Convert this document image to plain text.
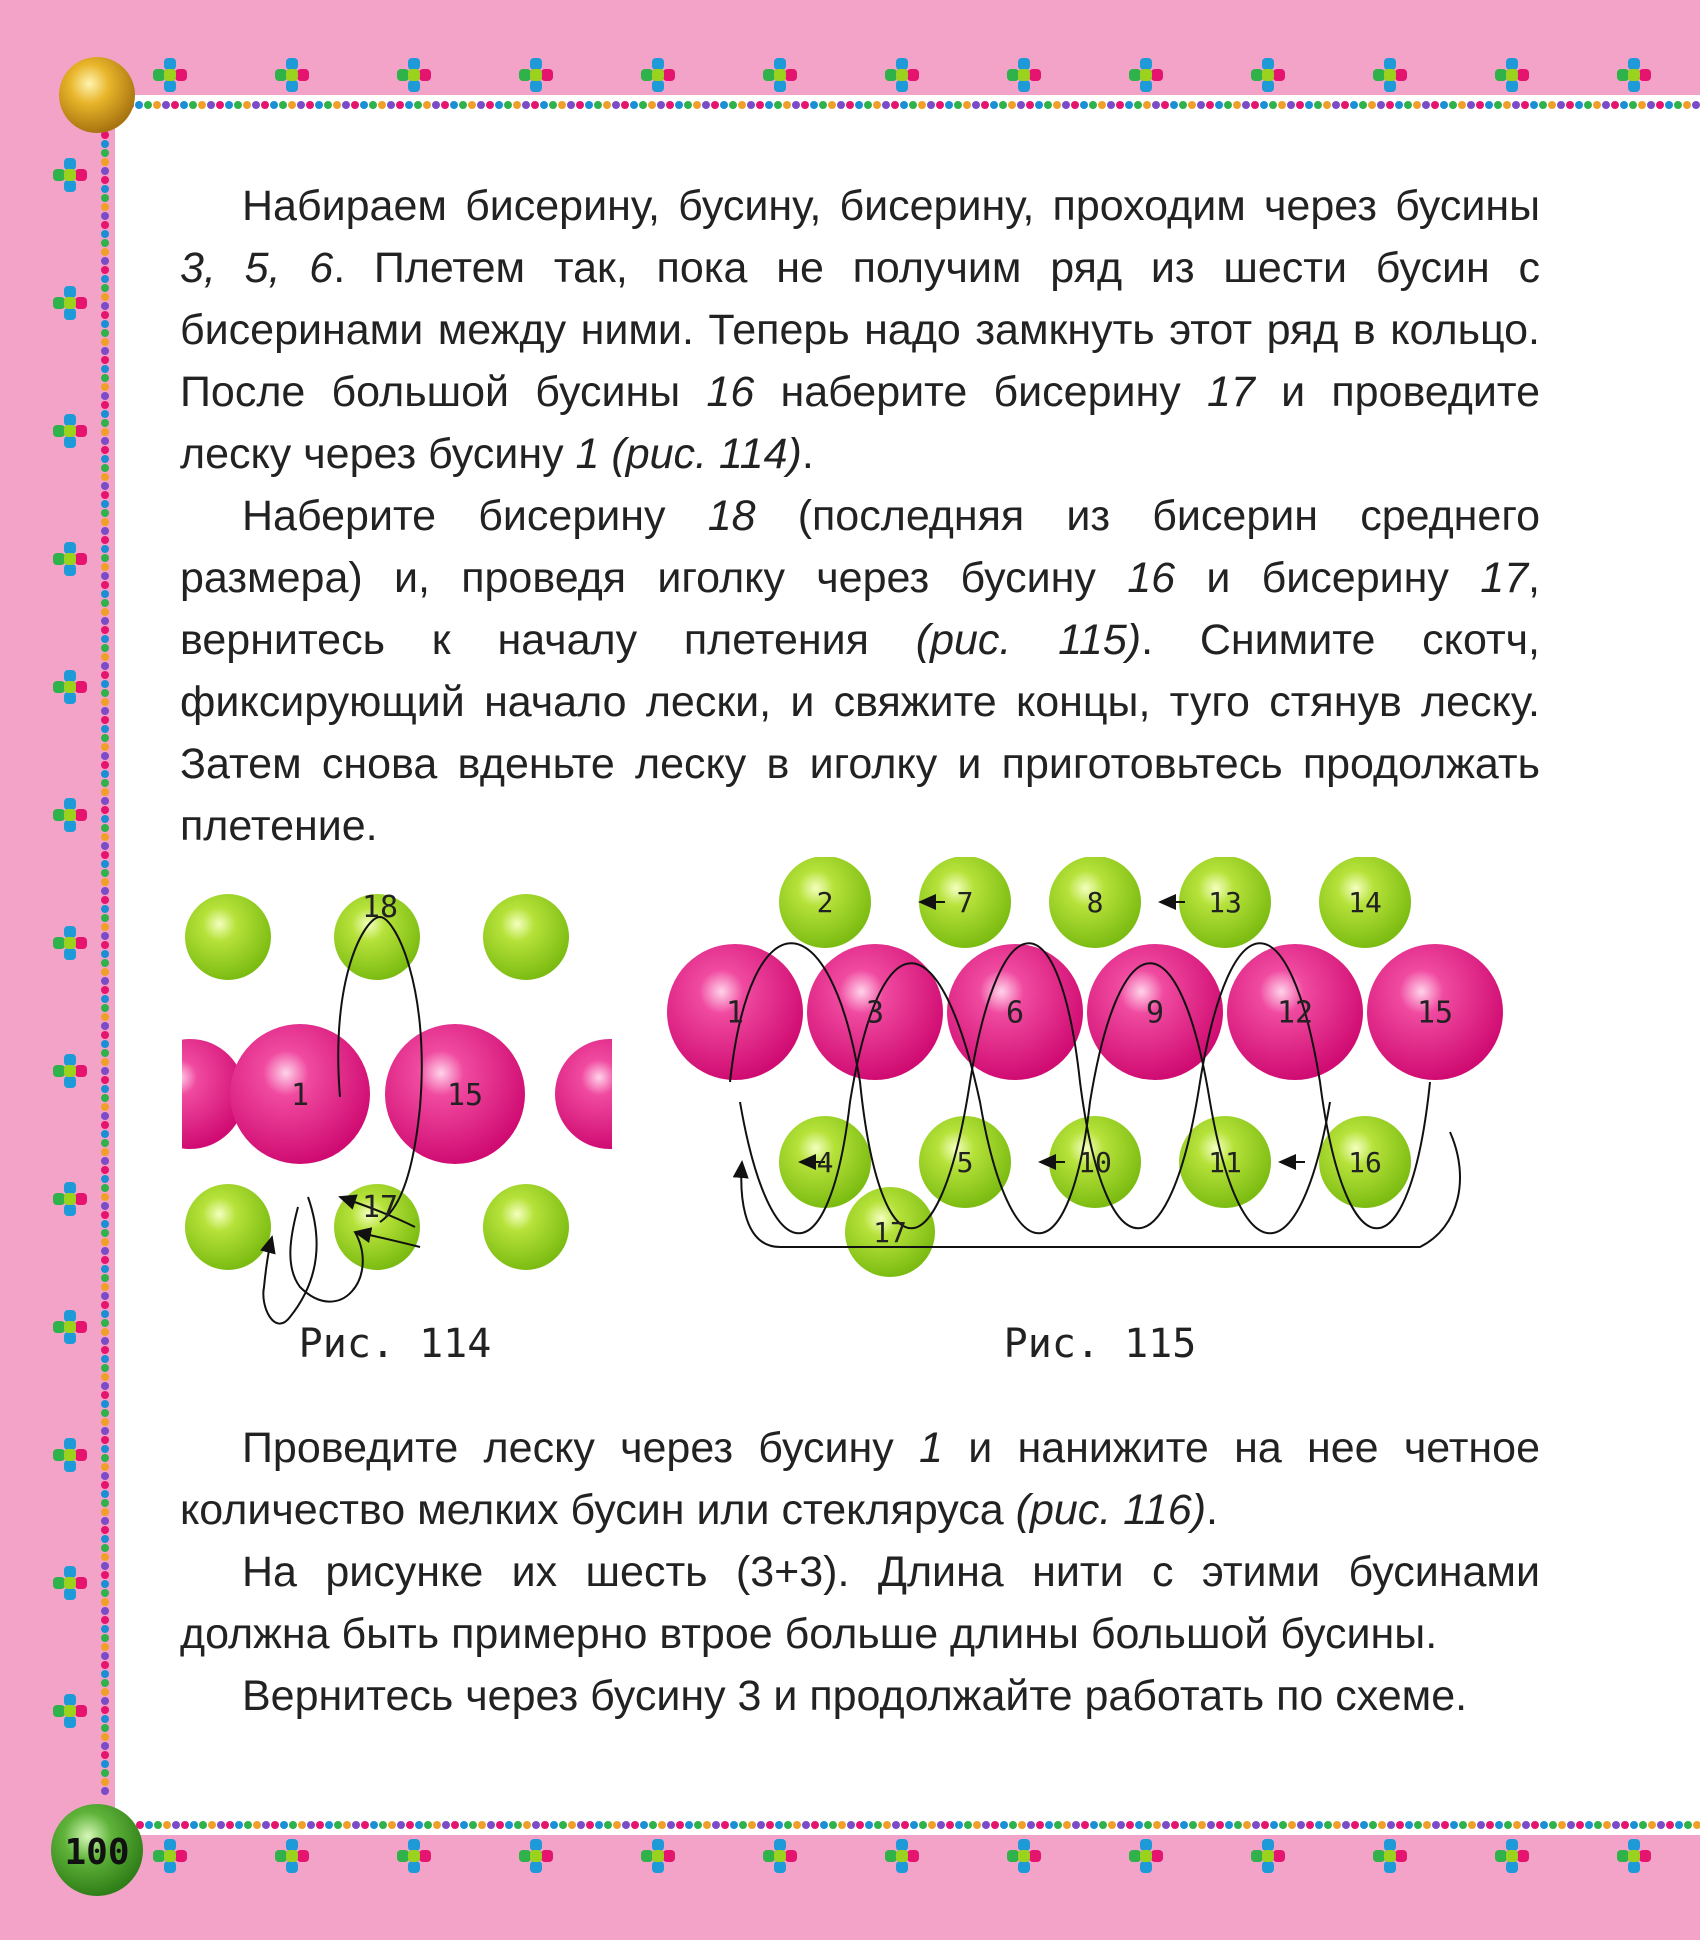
100

Набираем бисерину, бусину, бисерину, проходим через бусины 3, 5, 6. Плетем так, пока не получим ряд из шести бусин с бисеринами между ними. Теперь надо замкнуть этот ряд в кольцо. После большой бусины 16 наберите бисерину 17 и проведите леску через бусину 1 (рис. 114).

Наберите бисерину 18 (последняя из бисерин среднего размера) и, проведя иголку через бусину 16 и бисерину 17, вернитесь к началу плетения (рис. 115). Снимите скотч, фиксирующий начало лески, и свяжите концы, туго стянув леску. Затем снова вденьте леску в иголку и приготовьтесь продолжать плетение.

1	15
18
17
2	7	8	13	14
4	5	10	11	16
1	3	6	9	12	15
17
Рис. 114	Рис. 115

Проведите леску через бусину 1 и нанижите на нее четное количество мелких бусин или стекляруса (рис. 116).

На рисунке их шесть (3+3). Длина нити с этими бусинами должна быть примерно втрое больше длины большой бусины.

Вернитесь через бусину 3 и продолжайте работать по схеме.
